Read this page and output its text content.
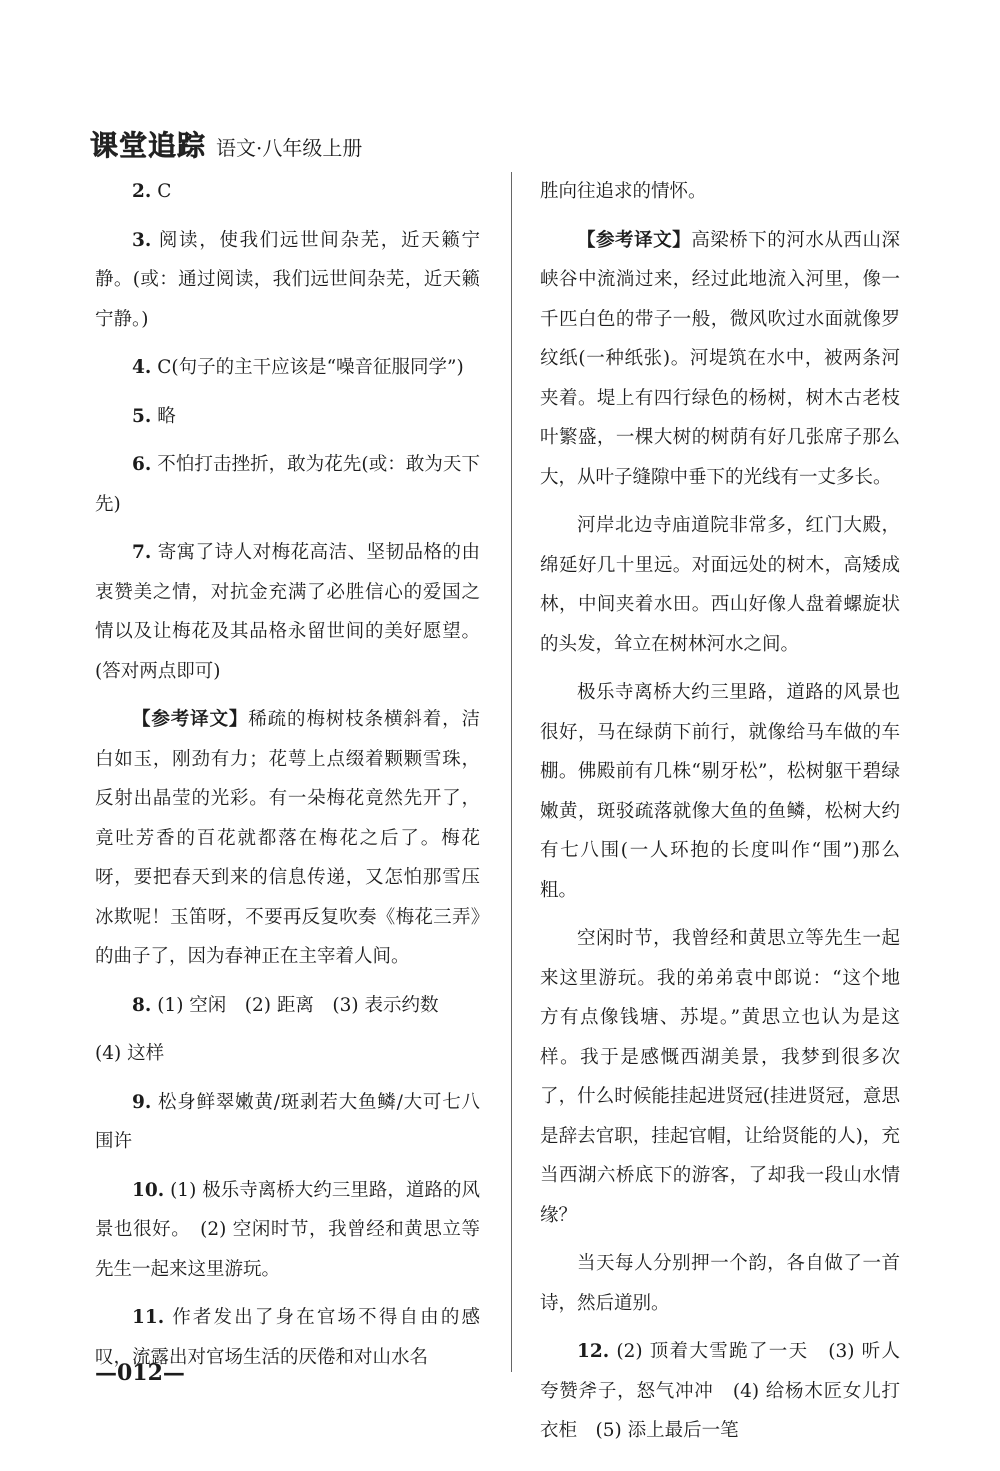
课堂追踪 语文·八年级上册

2. C

3. 阅读，使我们远世间杂芜，近天籁宁静。(或：通过阅读，我们远世间杂芜，近天籁宁静。)

4. C(句子的主干应该是“噪音征服同学”)

5. 略

6. 不怕打击挫折，敢为花先(或：敢为天下先)

7. 寄寓了诗人对梅花高洁、坚韧品格的由衷赞美之情，对抗金充满了必胜信心的爱国之情以及让梅花及其品格永留世间的美好愿望。(答对两点即可)

【参考译文】稀疏的梅树枝条横斜着，洁白如玉，刚劲有力；花萼上点缀着颗颗雪珠，反射出晶莹的光彩。有一朵梅花竟然先开了，竟吐芳香的百花就都落在梅花之后了。梅花呀，要把春天到来的信息传递，又怎怕那雪压冰欺呢！玉笛呀，不要再反复吹奏《梅花三弄》的曲子了，因为春神正在主宰着人间。

8. (1) 空闲　(2) 距离　(3) 表示约数

(4) 这样

9. 松身鲜翠嫩黄/斑剥若大鱼鳞/大可七八围许

10. (1) 极乐寺离桥大约三里路，道路的风景也很好。　(2) 空闲时节，我曾经和黄思立等先生一起来这里游玩。

11. 作者发出了身在官场不得自由的感叹，流露出对官场生活的厌倦和对山水名

胜向往追求的情怀。

【参考译文】高梁桥下的河水从西山深峡谷中流淌过来，经过此地流入河里，像一千匹白色的带子一般，微风吹过水面就像罗纹纸(一种纸张)。河堤筑在水中，被两条河夹着。堤上有四行绿色的杨树，树木古老枝叶繁盛，一棵大树的树荫有好几张席子那么大，从叶子缝隙中垂下的光线有一丈多长。

河岸北边寺庙道院非常多，红门大殿，绵延好几十里远。对面远处的树木，高矮成林，中间夹着水田。西山好像人盘着螺旋状的头发，耸立在树林河水之间。

极乐寺离桥大约三里路，道路的风景也很好，马在绿荫下前行，就像给马车做的车棚。佛殿前有几株“剔牙松”，松树躯干碧绿嫩黄，斑驳疏落就像大鱼的鱼鳞，松树大约有七八围(一人环抱的长度叫作“围”)那么粗。

空闲时节，我曾经和黄思立等先生一起来这里游玩。我的弟弟袁中郎说：“这个地方有点像钱塘、苏堤。”黄思立也认为是这样。我于是感慨西湖美景，我梦到很多次了，什么时候能挂起进贤冠(挂进贤冠，意思是辞去官职，挂起官帽，让给贤能的人)，充当西湖六桥底下的游客，了却我一段山水情缘？

当天每人分别押一个韵，各自做了一首诗，然后道别。

12. (2) 顶着大雪跪了一天　(3) 听人夸赞斧子，怒气冲冲　(4) 给杨木匠女儿打衣柜　(5) 添上最后一笔

—012—
